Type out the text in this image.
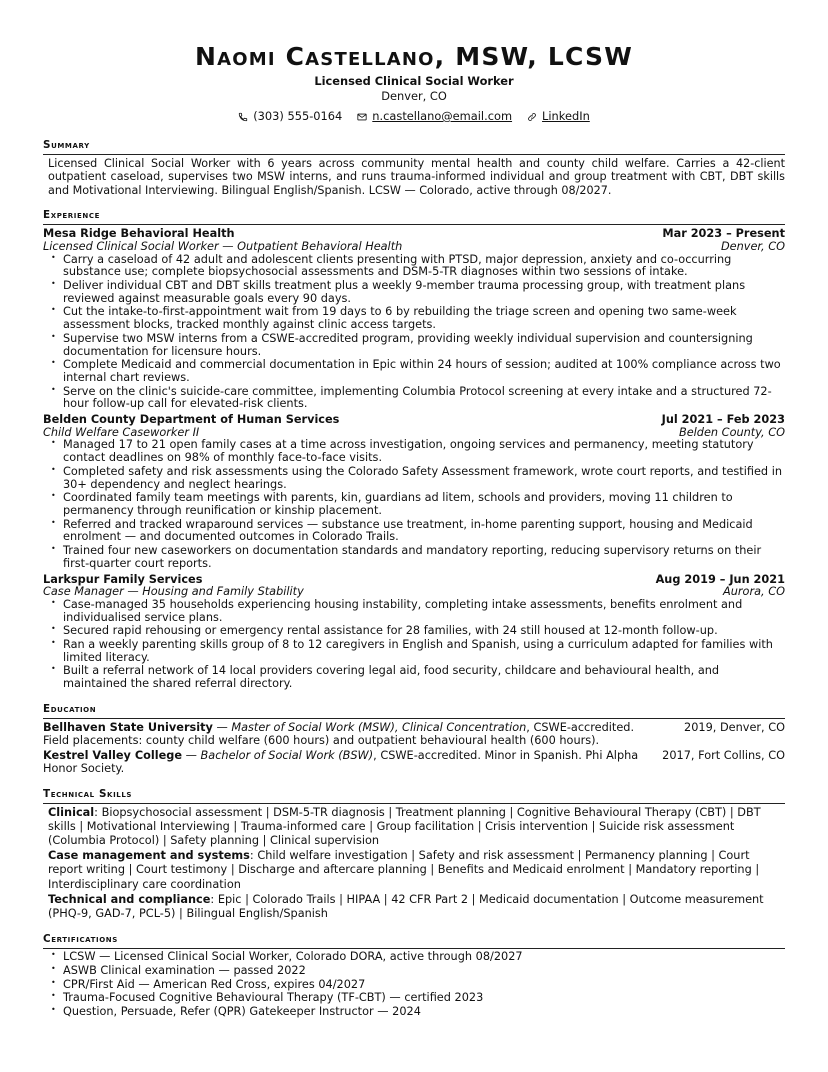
Naomi Castellano, MSW, LCSW
Licensed Clinical Social Worker
Denver, CO
(303) 555-0164	n.castellano@email.com	LinkedIn
Summary
Licensed Clinical Social Worker with 6 years across community mental health and county child welfare. Carries a 42-client outpatient caseload, supervises two MSW interns, and runs trauma-informed individual and group treatment with CBT, DBT skills and Motivational Interviewing. Bilingual English/Spanish. LCSW — Colorado, active through 08/2027.
Experience
Mesa Ridge Behavioral Health	Mar 2023 – Present
Licensed Clinical Social Worker — Outpatient Behavioral Health	Denver, CO
• Carry a caseload of 42 adult and adolescent clients presenting with PTSD, major depression, anxiety and co-occurring substance use; complete biopsychosocial assessments and DSM-5-TR diagnoses within two sessions of intake.
• Deliver individual CBT and DBT skills treatment plus a weekly 9-member trauma processing group, with treatment plans reviewed against measurable goals every 90 days.
• Cut the intake-to-first-appointment wait from 19 days to 6 by rebuilding the triage screen and opening two same-week assessment blocks, tracked monthly against clinic access targets.
• Supervise two MSW interns from a CSWE-accredited program, providing weekly individual supervision and countersigning documentation for licensure hours.
• Complete Medicaid and commercial documentation in Epic within 24 hours of session; audited at 100% compliance across two internal chart reviews.
• Serve on the clinic's suicide-care committee, implementing Columbia Protocol screening at every intake and a structured 72-hour follow-up call for elevated-risk clients.
Belden County Department of Human Services	Jul 2021 – Feb 2023
Child Welfare Caseworker II	Belden County, CO
• Managed 17 to 21 open family cases at a time across investigation, ongoing services and permanency, meeting statutory contact deadlines on 98% of monthly face-to-face visits.
• Completed safety and risk assessments using the Colorado Safety Assessment framework, wrote court reports, and testified in 30+ dependency and neglect hearings.
• Coordinated family team meetings with parents, kin, guardians ad litem, schools and providers, moving 11 children to permanency through reunification or kinship placement.
• Referred and tracked wraparound services — substance use treatment, in-home parenting support, housing and Medicaid enrolment — and documented outcomes in Colorado Trails.
• Trained four new caseworkers on documentation standards and mandatory reporting, reducing supervisory returns on their first-quarter court reports.
Larkspur Family Services	Aug 2019 – Jun 2021
Case Manager — Housing and Family Stability	Aurora, CO
• Case-managed 35 households experiencing housing instability, completing intake assessments, benefits enrolment and individualised service plans.
• Secured rapid rehousing or emergency rental assistance for 28 families, with 24 still housed at 12-month follow-up.
• Ran a weekly parenting skills group of 8 to 12 caregivers in English and Spanish, using a curriculum adapted for families with limited literacy.
• Built a referral network of 14 local providers covering legal aid, food security, childcare and behavioural health, and maintained the shared referral directory.
Education
Bellhaven State University — Master of Social Work (MSW), Clinical Concentration, CSWE-accredited. Field placements: county child welfare (600 hours) and outpatient behavioural health (600 hours).
2019, Denver, CO
Kestrel Valley College — Bachelor of Social Work (BSW), CSWE-accredited. Minor in Spanish. Phi Alpha Honor Society.
2017, Fort Collins, CO
Technical Skills
Clinical: Biopsychosocial assessment | DSM-5-TR diagnosis | Treatment planning | Cognitive Behavioural Therapy (CBT) | DBT skills | Motivational Interviewing | Trauma-informed care | Group facilitation | Crisis intervention | Suicide risk assessment (Columbia Protocol) | Safety planning | Clinical supervision
Case management and systems: Child welfare investigation | Safety and risk assessment | Permanency planning | Court report writing | Court testimony | Discharge and aftercare planning | Benefits and Medicaid enrolment | Mandatory reporting | Interdisciplinary care coordination
Technical and compliance: Epic | Colorado Trails | HIPAA | 42 CFR Part 2 | Medicaid documentation | Outcome measurement (PHQ-9, GAD-7, PCL-5) | Bilingual English/Spanish
Certifications
• LCSW — Licensed Clinical Social Worker, Colorado DORA, active through 08/2027
• ASWB Clinical examination — passed 2022
• CPR/First Aid — American Red Cross, expires 04/2027
• Trauma-Focused Cognitive Behavioural Therapy (TF-CBT) — certified 2023
• Question, Persuade, Refer (QPR) Gatekeeper Instructor — 2024
